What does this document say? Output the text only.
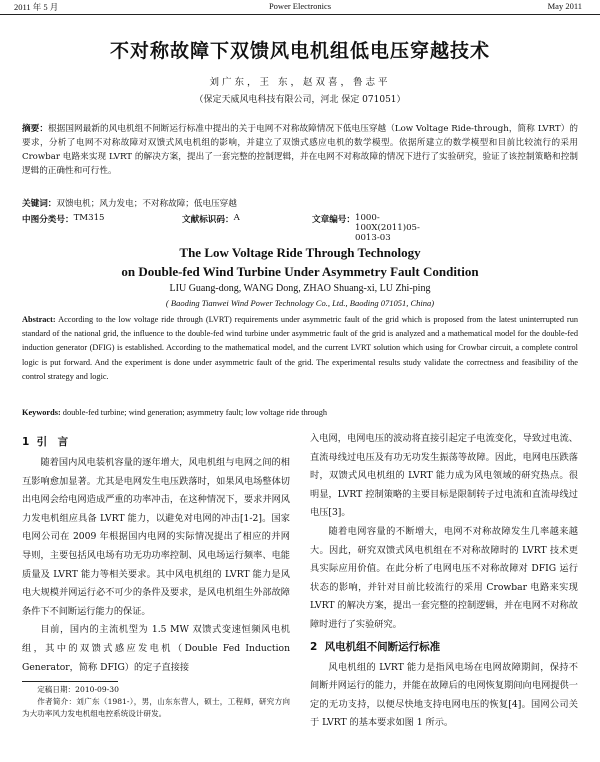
2011 年 5 月	Power Electronics	May 2011
不对称故障下双馈风电机组低电压穿越技术
刘广东，王 东，赵双喜，鲁志平
（保定天威风电科技有限公司，河北 保定 071051）
摘要：根据国网最新的风电机组不间断运行标准中提出的关于电网不对称故障情况下低电压穿越（Low Voltage Ride-through，简称 LVRT）的要求，分析了电网不对称故障对双馈式风电机组的影响，并建立了双馈式感应电机的数学模型。依据所建立的数学模型和目前比较流行的采用 Crowbar 电路来实现 LVRT 的解决方案，提出了一套完整的控制逻辑，并在电网不对称故障的情况下进行了实验研究，验证了该控制策略和控制逻辑的正确性和可行性。
关键词：双馈电机；风力发电；不对称故障；低电压穿越
中图分类号： TM315	文献标识码： A	文章编号： 1000-100X(2011)05-0013-03
The Low Voltage Ride Through Technology
on Double-fed Wind Turbine Under Asymmetry Fault Condition
LIU Guang-dong, WANG Dong, ZHAO Shuang-xi, LU Zhi-ping
( Baoding Tianwei Wind Power Technology Co., Ltd., Baoding 071051, China)
Abstract: According to the low voltage ride through (LVRT) requirements under asymmetric fault of the grid which is proposed from the latest uninterrupted run standard of the national grid, the influence to the double-fed wind turbine under asymmetric fault of the grid is analyzed and a mathematical model for the double-fed induction generator (DFIG) is established. According to the mathematical model, and the current LVRT solution which using for Crowbar circuit, a complete control logic is put forward. And the experiment is done under asymmetric fault of the grid. The experimental results study validate the correctness and feasibility of the control strategy and logic.
Keywords: double-fed turbine; wind generation; asymmetry fault; low voltage ride through
1 引　言

随着国内风电装机容量的逐年增大，风电机组与电网之间的相互影响愈加显著。尤其是电网发生电压跌落时，如果风电场整体切出电网会给电网造成严重的功率冲击，在这种情况下，要求并网风力发电机组应具备 LVRT 能力，以避免对电网的冲击[1-2]。国家电网公司在 2009 年根据国内电网的实际情况提出了相应的并网导则，主要包括风电场有功无功功率控制、风电场运行频率、电能质量及 LVRT 能力等相关要求。其中风电机组的 LVRT 能力是风电大规模并网运行必不可少的条件及要求，是风电机组生外部故障条件下不间断运行能力的保证。

目前，国内的主流机型为 1.5 MW 双馈式变速恒频风电机组，其中的双馈式感应发电机（Double Fed Induction Generator，简称 DFIG）的定子直接接

定稿日期：2010-09-30

作者简介：刘广东（1981-），男，山东东营人，硕士，工程师，研究方向为大功率风力发电机组电控系统设计研发。

入电网，电网电压的波动将直接引起定子电流变化，导致过电流、直流母线过电压及有功无功发生振荡等故障。因此，电网电压跌落时，双馈式风电机组的 LVRT 能力成为风电领域的研究热点。很明显，LVRT 控制策略的主要目标是限制转子过电流和直流母线过电压[3]。

随着电网容量的不断增大，电网不对称故障发生几率越来越大。因此，研究双馈式风电机组在不对称故障时的 LVRT 技术更具实际应用价值。在此分析了电网电压不对称故障对 DFIG 运行状态的影响，并针对目前比较流行的采用 Crowbar 电路来实现 LVRT 的解决方案，提出一套完整的控制逻辑，并在电网不对称故障时进行了实验研究。

2 风电机组不间断运行标准

风电机组的 LVRT 能力是指风电场在电网故障期间，保持不间断并网运行的能力，并能在故障后的电网恢复期间向电网提供一定的无功支持，以便尽快地支持电网电压的恢复[4]。国网公司关于 LVRT 的基本要求如图 1 所示。
